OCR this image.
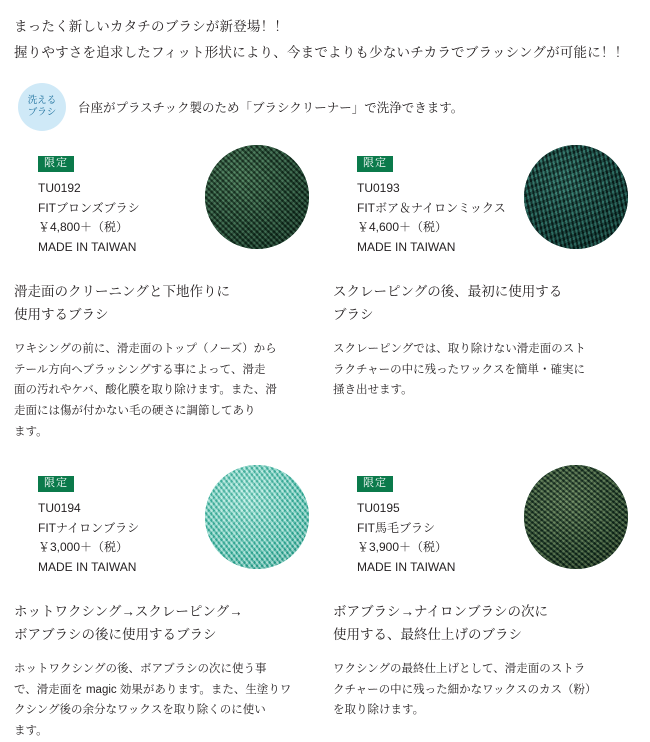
まったく新しいカタチのブラシが新登場！！
握りやすさを追求したフィット形状により、今までよりも少ないチカラでブラッシングが可能に！！
洗える
ブラシ 台座がプラスチック製のため「ブラシクリーナー」で洗浄できます。
限定
TU0192
FITブロンズブラシ
￥4,800＋（税）
MADE IN TAIWAN
滑走面のクリーニングと下地作りに
使用するブラシ
ワキシングの前に、滑走面のトップ（ノーズ）から
テール方向へブラッシングする事によって、滑走
面の汚れやケバ、酸化膜を取り除けます。また、滑
走面には傷が付かない毛の硬さに調節してあり
ます。
限定
TU0193
FITボア＆ナイロンミックス
￥4,600＋（税）
MADE IN TAIWAN
スクレーピングの後、最初に使用する
ブラシ
スクレーピングでは、取り除けない滑走面のスト
ラクチャーの中に残ったワックスを簡単・確実に
掻き出せます。
限定
TU0194
FITナイロンブラシ
￥3,000＋（税）
MADE IN TAIWAN
ホットワクシング→スクレーピング→
ボアブラシの後に使用するブラシ
ホットワクシングの後、ボアブラシの次に使う事
で、滑走面を magic 効果があります。また、生塗りワ
クシング後の余分なワックスを取り除くのに使い
ます。
限定
TU0195
FIT馬毛ブラシ
￥3,900＋（税）
MADE IN TAIWAN
ボアブラシ→ナイロンブラシの次に
使用する、最終仕上げのブラシ
ワクシングの最終仕上げとして、滑走面のストラ
クチャーの中に残った細かなワックスのカス（粉）
を取り除けます。
